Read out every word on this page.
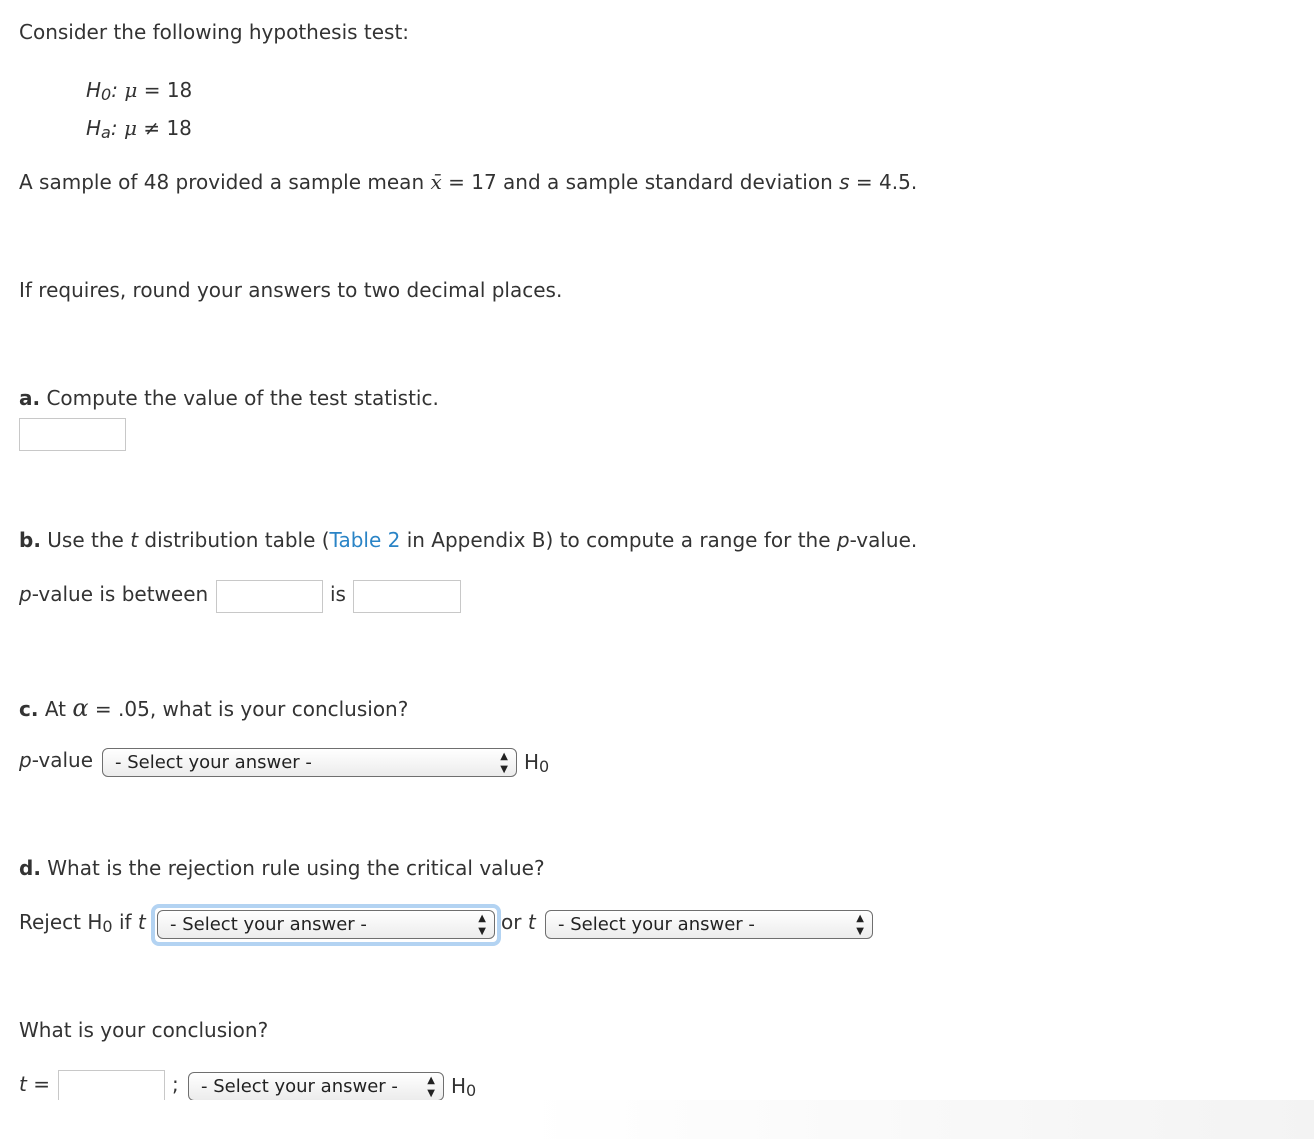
Consider the following hypothesis test:
H0: μ = 18
Ha: μ ≠ 18
A sample of 48 provided a sample mean x̄ = 17 and a sample standard deviation s = 4.5.
If requires, round your answers to two decimal places.
a. Compute the value of the test statistic.
b. Use the t distribution table (Table 2 in Appendix B) to compute a range for the p-value.
p-value is between	is
c. At α = .05, what is your conclusion?
p-value	- Select your answer -	▲
▼ H0
d. What is the rejection rule using the critical value?
Reject H0 if t	- Select your answer -	▲
▼ or t	- Select your answer -	▲
▼
What is your conclusion?
t =	;	- Select your answer -	▲
▼ H0
